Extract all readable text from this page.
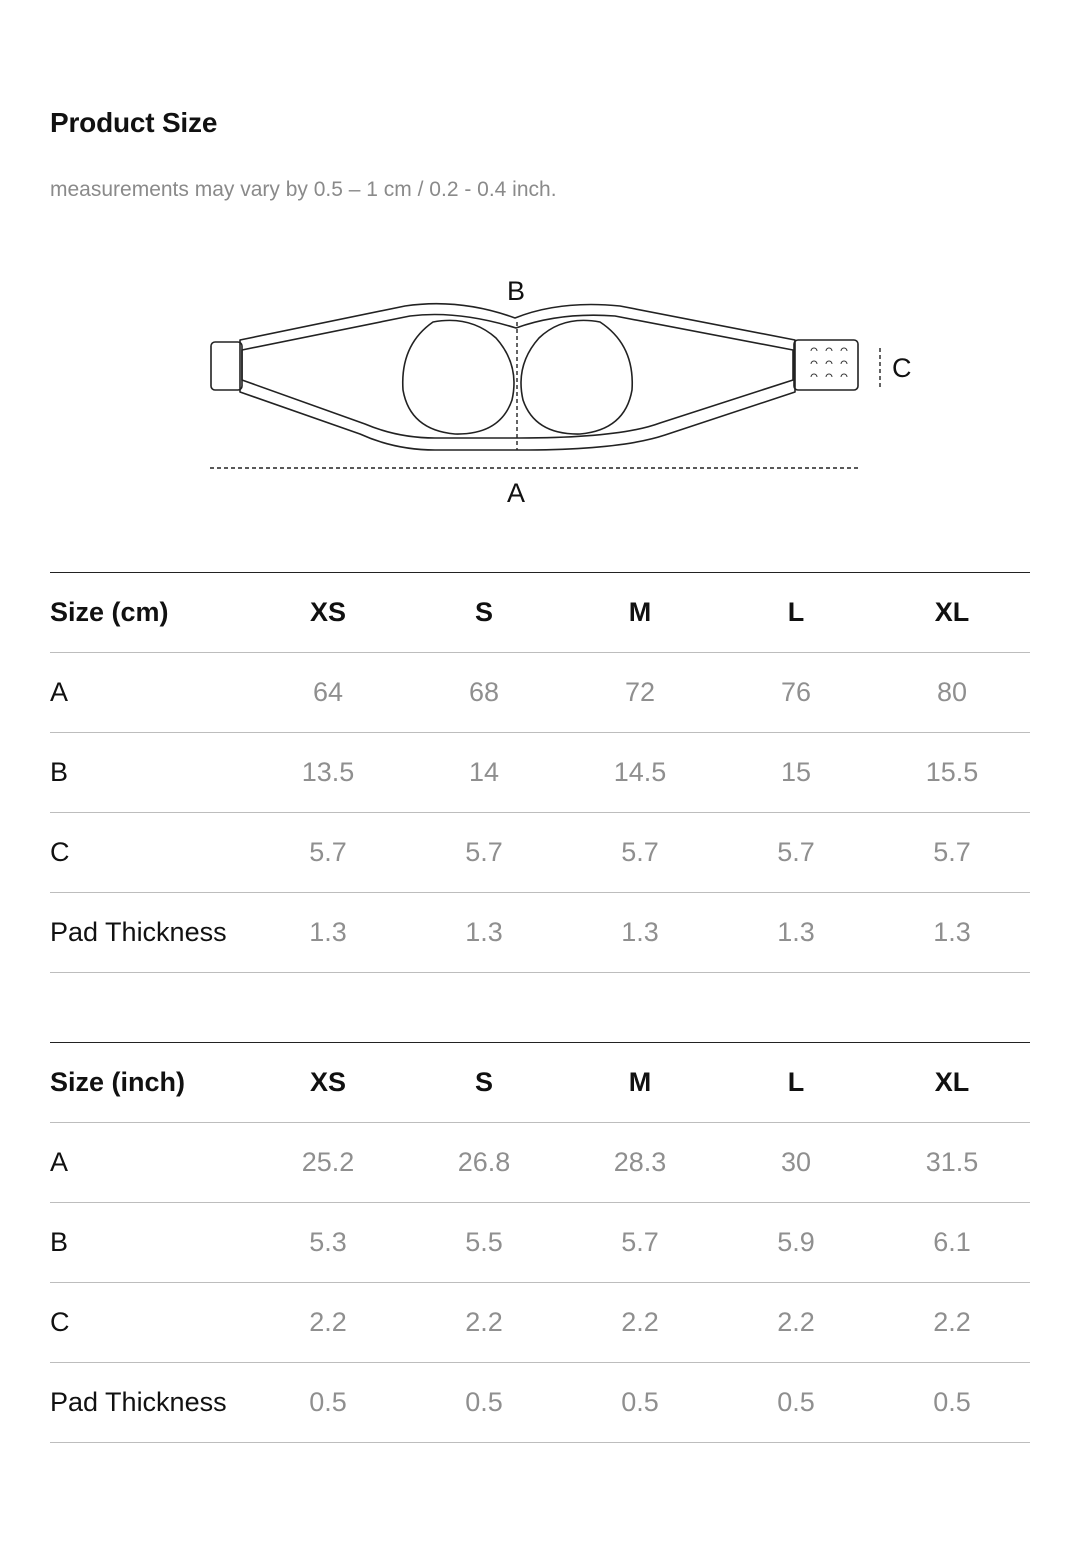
Product Size

measurements may vary by 0.5 – 1 cm / 0.2 - 0.4 inch.

B
A
C
Size (cm)	XS	S	M	L	XL
A	64	68	72	76	80
B	13.5	14	14.5	15	15.5
C	5.7	5.7	5.7	5.7	5.7
Pad Thickness	1.3	1.3	1.3	1.3	1.3
Size (inch)	XS	S	M	L	XL
A	25.2	26.8	28.3	30	31.5
B	5.3	5.5	5.7	5.9	6.1
C	2.2	2.2	2.2	2.2	2.2
Pad Thickness	0.5	0.5	0.5	0.5	0.5
